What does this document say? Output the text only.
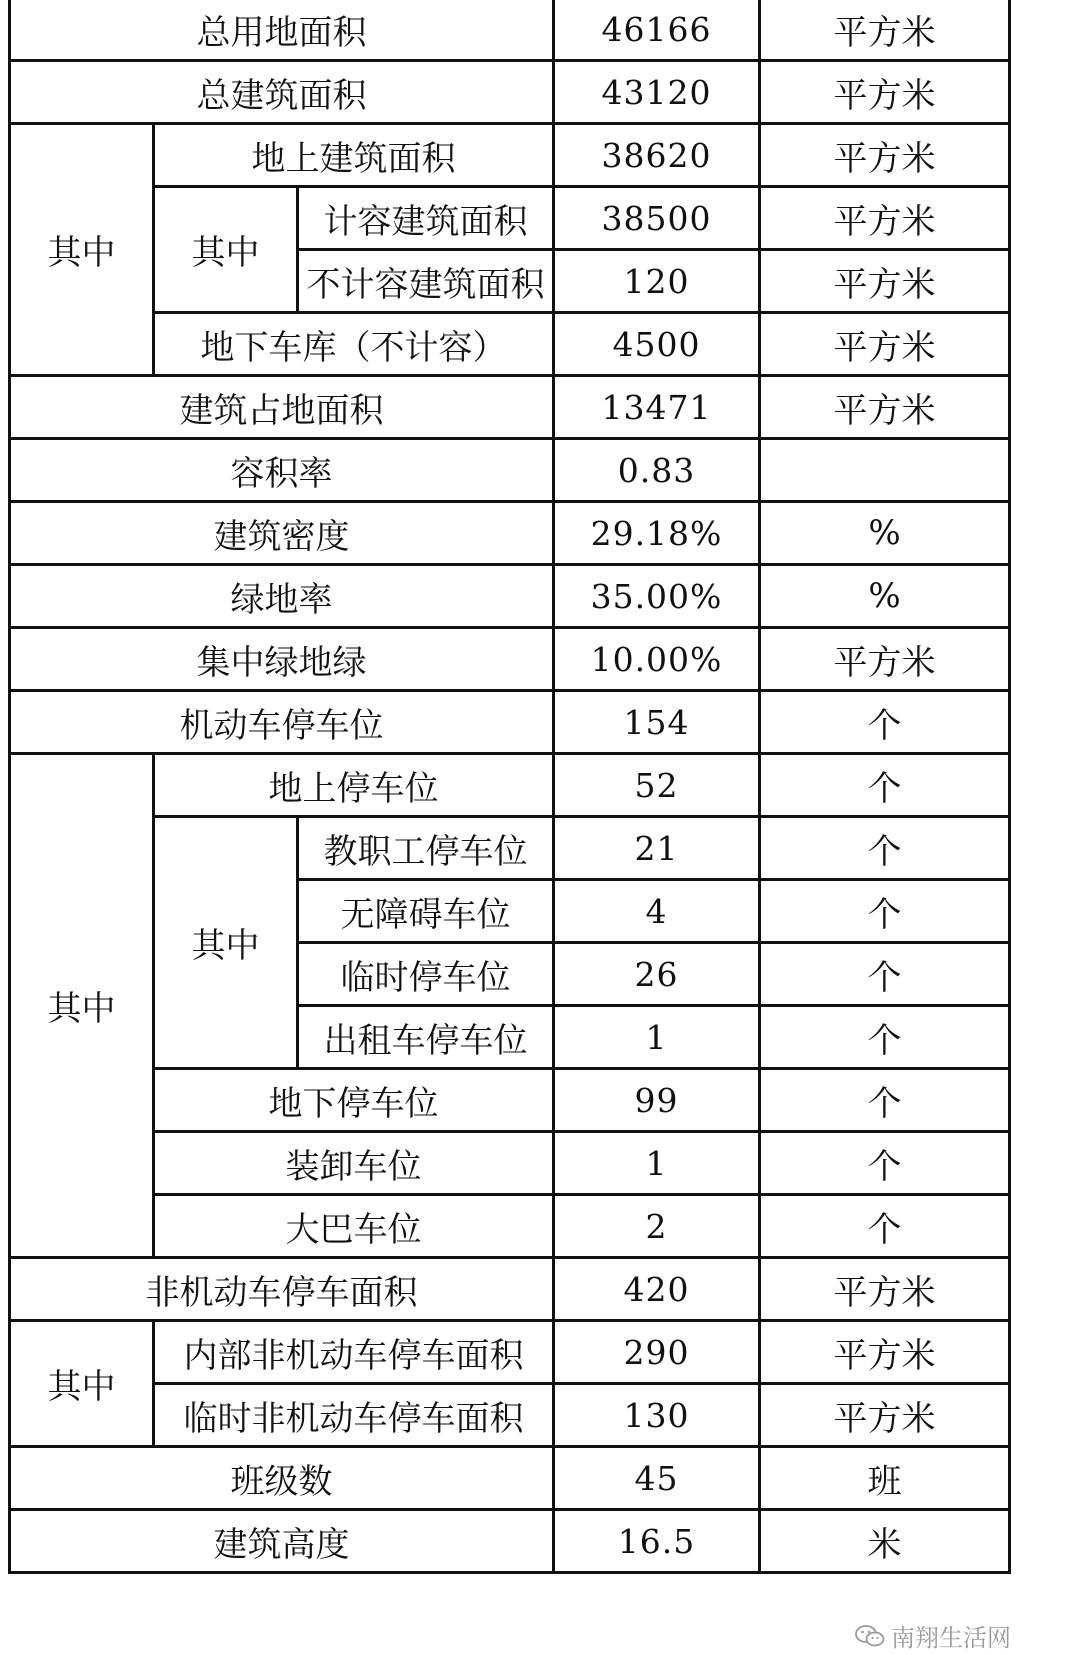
总用地面积			46166	平方米
总建筑面积			43120	平方米
其中	地上建筑面积		38620	平方米
	其中	计容建筑面积	38500	平方米
		不计容建筑面积	120	平方米
	地下车库（不计容）		4500	平方米
建筑占地面积			13471	平方米
容积率			0.83	
建筑密度			29.18%	%
绿地率			35.00%	%
集中绿地绿			10.00%	平方米
机动车停车位			154	个
其中	地上停车位		52	个
	其中	教职工停车位	21	个
		无障碍车位	4	个
		临时停车位	26	个
		出租车停车位	1	个
	地下停车位		99	个
	装卸车位		1	个
	大巴车位		2	个
非机动车停车面积			420	平方米
其中	内部非机动车停车面积		290	平方米
	临时非机动车停车面积		130	平方米
班级数			45	班
建筑高度			16.5	米
南翔生活网
